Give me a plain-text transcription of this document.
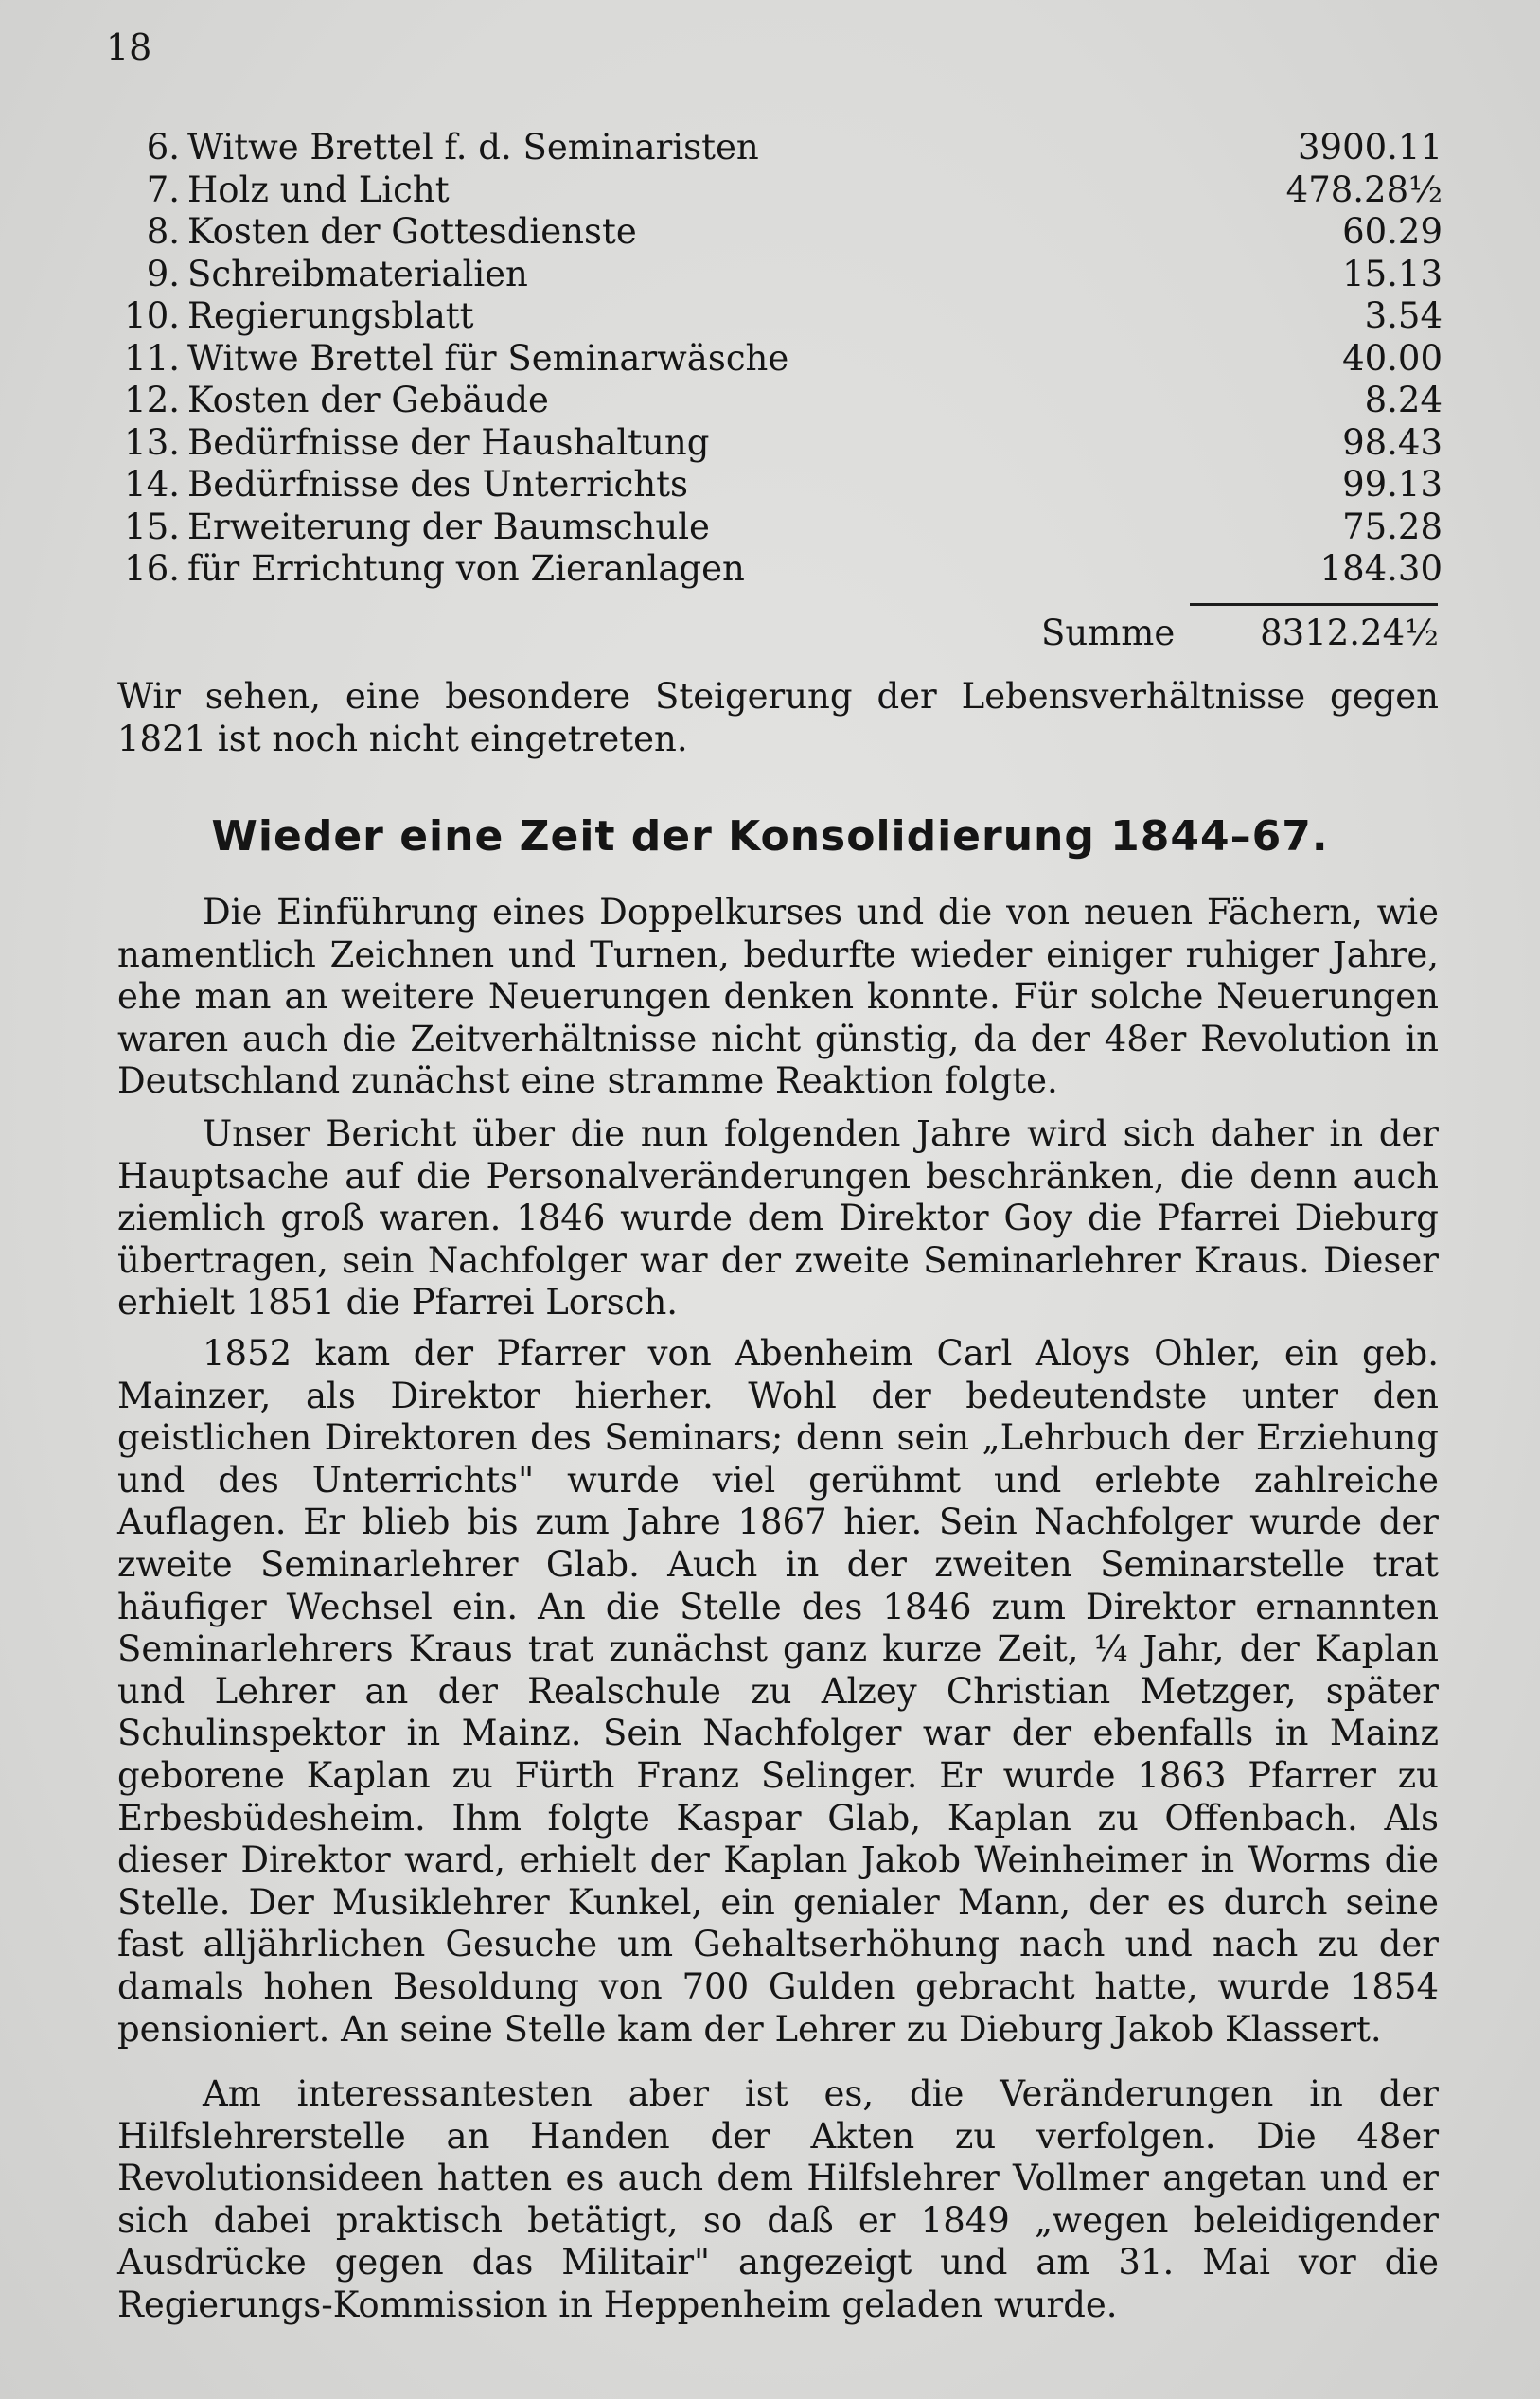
18
6. Witwe Brettel f. d. Seminaristen	3900.11
7. Holz und Licht	478.28½
8. Kosten der Gottesdienste	60.29
9. Schreibmaterialien	15.13
10. Regierungsblatt	3.54
11. Witwe Brettel für Seminarwäsche	40.00
12. Kosten der Gebäude	8.24
13. Bedürfnisse der Haushaltung	98.43
14. Bedürfnisse des Unterrichts	99.13
15. Erweiterung der Baumschule	75.28
16. für Errichtung von Zieranlagen	184.30
Summe 8312.24½
Wir sehen, eine besondere Steigerung der Lebensverhältnisse gegen 1821 ist noch nicht eingetreten.
Wieder eine Zeit der Konsolidierung 1844–67.
Die Einführung eines Doppelkurses und die von neuen Fächern, wie namentlich Zeichnen und Turnen, bedurfte wieder einiger ruhiger Jahre, ehe man an weitere Neuerungen denken konnte. Für solche Neuerungen waren auch die Zeitverhältnisse nicht günstig, da der 48er Revolution in Deutschland zunächst eine stramme Reaktion folgte.
Unser Bericht über die nun folgenden Jahre wird sich daher in der Hauptsache auf die Personalveränderungen beschränken, die denn auch ziemlich groß waren. 1846 wurde dem Direktor Goy die Pfarrei Dieburg übertragen, sein Nachfolger war der zweite Seminarlehrer Kraus. Dieser erhielt 1851 die Pfarrei Lorsch.
1852 kam der Pfarrer von Abenheim Carl Aloys Ohler, ein geb. Mainzer, als Direktor hierher. Wohl der bedeutendste unter den geistlichen Direktoren des Seminars; denn sein „Lehrbuch der Erziehung und des Unterrichts" wurde viel gerühmt und erlebte zahlreiche Auflagen. Er blieb bis zum Jahre 1867 hier. Sein Nachfolger wurde der zweite Seminarlehrer Glab. Auch in der zweiten Seminarstelle trat häufiger Wechsel ein. An die Stelle des 1846 zum Direktor ernannten Seminarlehrers Kraus trat zunächst ganz kurze Zeit, ¼ Jahr, der Kaplan und Lehrer an der Realschule zu Alzey Christian Metzger, später Schulinspektor in Mainz. Sein Nachfolger war der ebenfalls in Mainz geborene Kaplan zu Fürth Franz Selinger. Er wurde 1863 Pfarrer zu Erbesbüdesheim. Ihm folgte Kaspar Glab, Kaplan zu Offenbach. Als dieser Direktor ward, erhielt der Kaplan Jakob Weinheimer in Worms die Stelle. Der Musiklehrer Kunkel, ein genialer Mann, der es durch seine fast alljährlichen Gesuche um Gehaltserhöhung nach und nach zu der damals hohen Besoldung von 700 Gulden gebracht hatte, wurde 1854 pensioniert. An seine Stelle kam der Lehrer zu Dieburg Jakob Klassert.
Am interessantesten aber ist es, die Veränderungen in der Hilfslehrerstelle an Handen der Akten zu verfolgen. Die 48er Revolutionsideen hatten es auch dem Hilfslehrer Vollmer angetan und er sich dabei praktisch betätigt, so daß er 1849 „wegen beleidigender Ausdrücke gegen das Militair" angezeigt und am 31. Mai vor die Regierungs-Kommission in Heppenheim geladen wurde.
